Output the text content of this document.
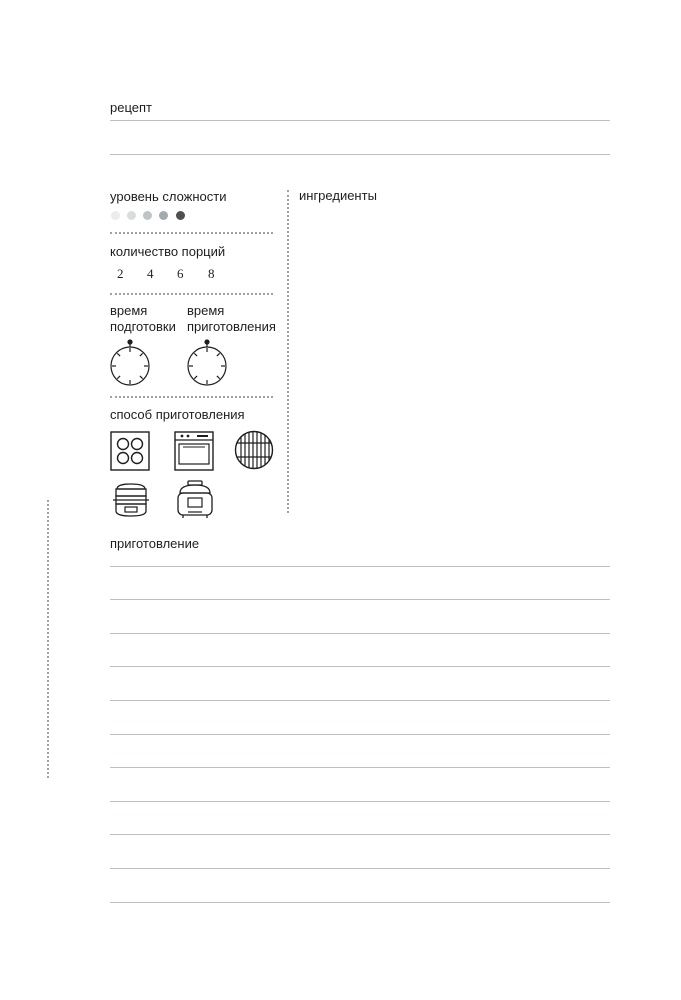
рецепт
уровень сложности
количество порций
2 4 6 8
время
подготовки
время
приготовления
способ приготовления
ингредиенты
приготовление
